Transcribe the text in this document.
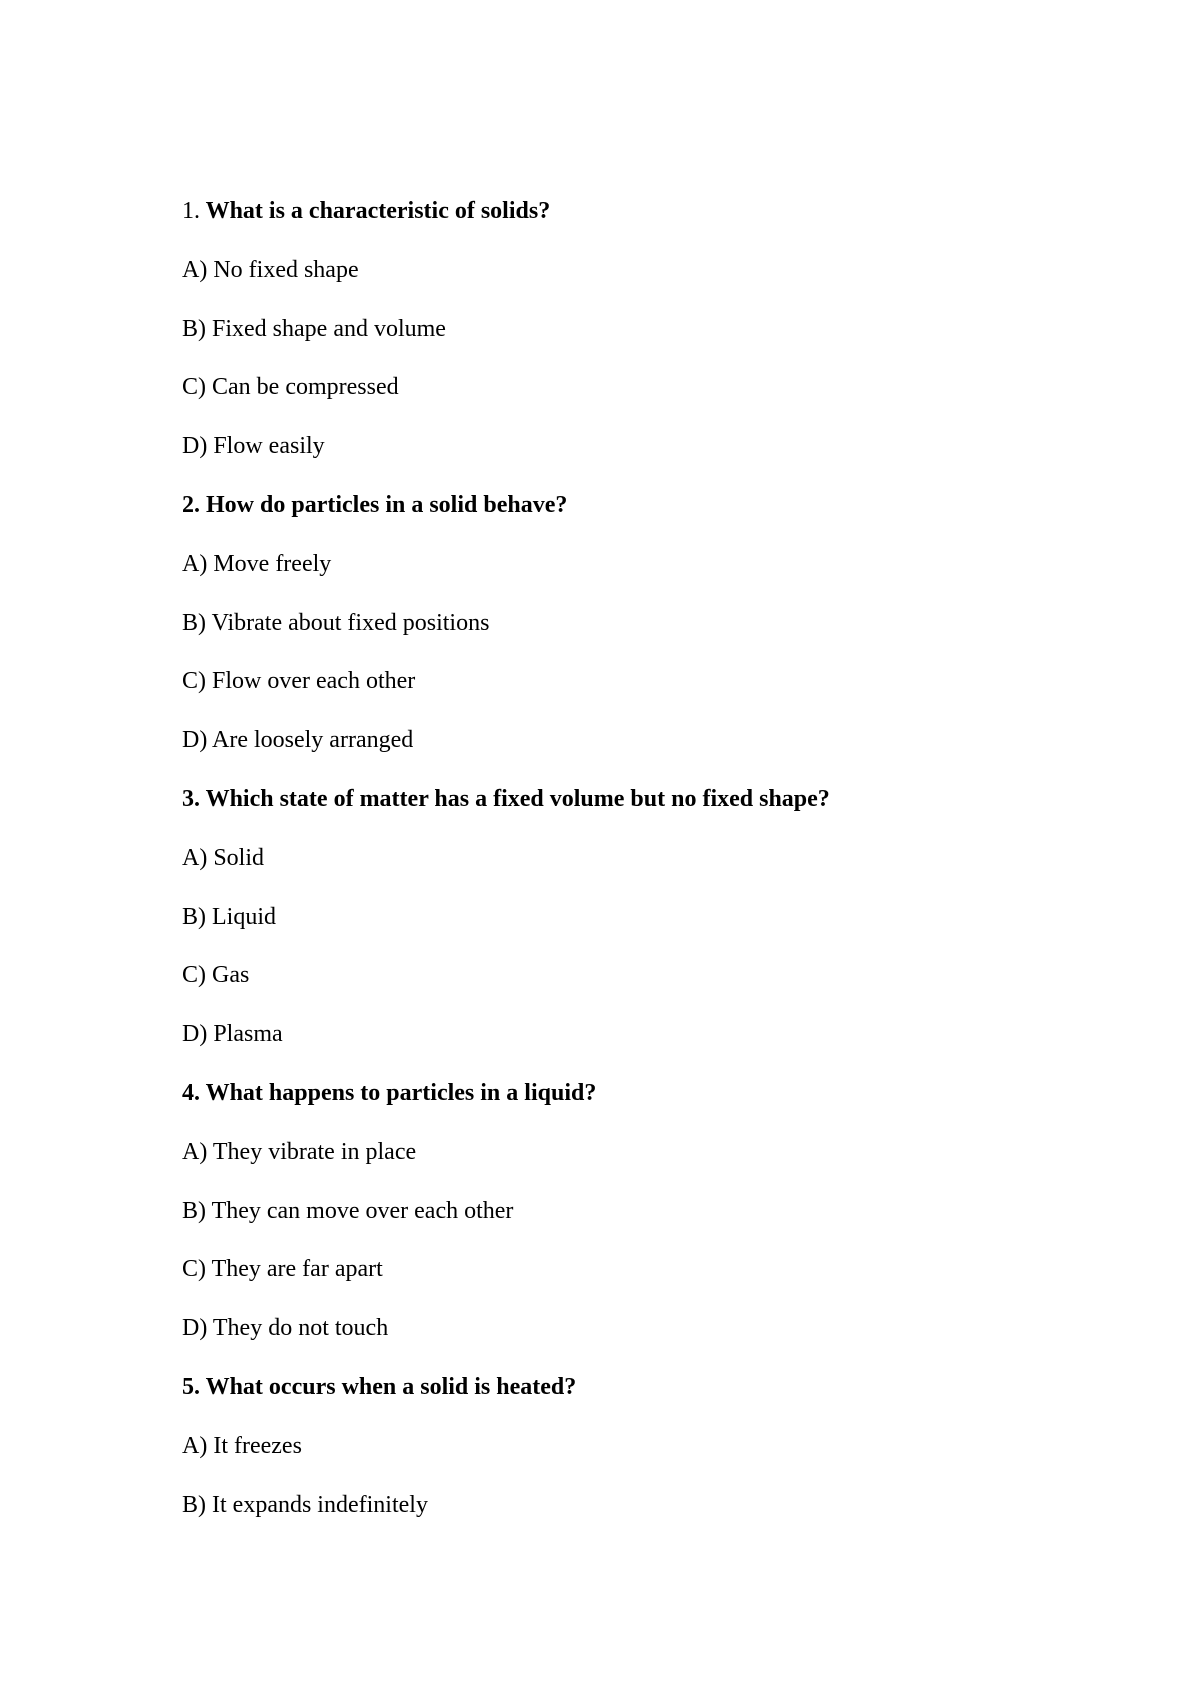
1. What is a characteristic of solids?
A) No fixed shape
B) Fixed shape and volume
C) Can be compressed
D) Flow easily
2. How do particles in a solid behave?
A) Move freely
B) Vibrate about fixed positions
C) Flow over each other
D) Are loosely arranged
3. Which state of matter has a fixed volume but no fixed shape?
A) Solid
B) Liquid
C) Gas
D) Plasma
4. What happens to particles in a liquid?
A) They vibrate in place
B) They can move over each other
C) They are far apart
D) They do not touch
5. What occurs when a solid is heated?
A) It freezes
B) It expands indefinitely
